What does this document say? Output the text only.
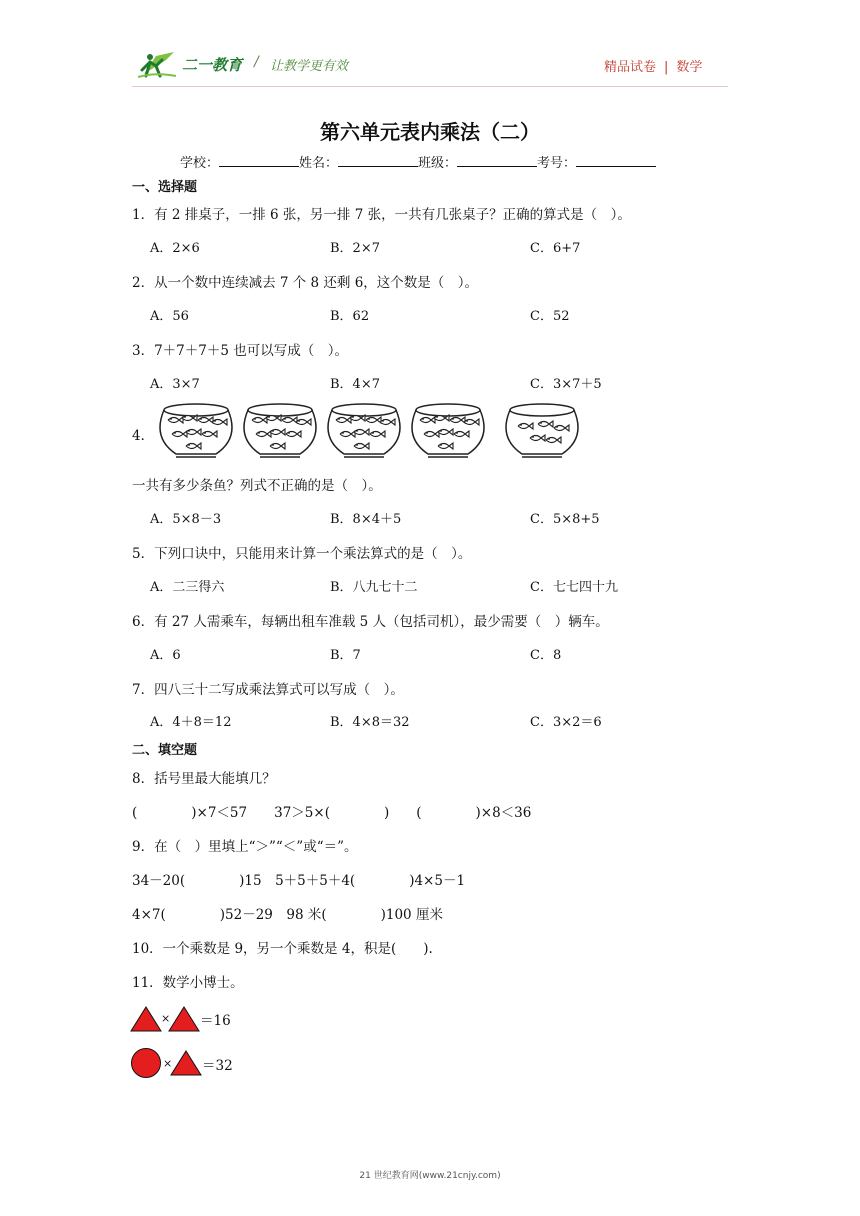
二一教育 / 让教学更有效	精品试卷 | 数学
第六单元表内乘法（二）
学校：	姓名：	班级：	考号：
一、选择题
1．有 2 排桌子，一排 6 张，另一排 7 张，一共有几张桌子？正确的算式是（　）。
A．2×6	B．2×7	C．6+7
2．从一个数中连续减去 7 个 8 还剩 6，这个数是（　）。
A．56	B．62	C．52
3．7＋7＋7＋5 也可以写成（　）。
A．3×7	B．4×7	C．3×7＋5
4．
一共有多少条鱼？列式不正确的是（　）。
A．5×8－3	B．8×4＋5	C．5×8+5
5．下列口诀中，只能用来计算一个乘法算式的是（　）。
A．二三得六	B．八九七十二	C．七七四十九
6．有 27 人需乘车，每辆出租车准载 5 人（包括司机），最少需要（　）辆车。
A．6	B．7	C．8
7．四八三十二写成乘法算式可以写成（　）。
A．4＋8＝12	B．4×8＝32	C．3×2＝6
二、填空题
8．括号里最大能填几？
(　　　　)×7＜57　　37＞5×(　　　　)　　(　　　　)×8＜36
9．在（　）里填上“＞”“＜”或“＝”。
34－20(　　　　)15　5＋5＋5＋4(　　　　)4×5－1
4×7(　　　　)52－29　98 米(　　　　)100 厘米
10．一个乘数是 9，另一个乘数是 4，积是(　　).
11．数学小博士。
× ＝16
× ＝32
21 世纪教育网(www.21cnjy.com)
